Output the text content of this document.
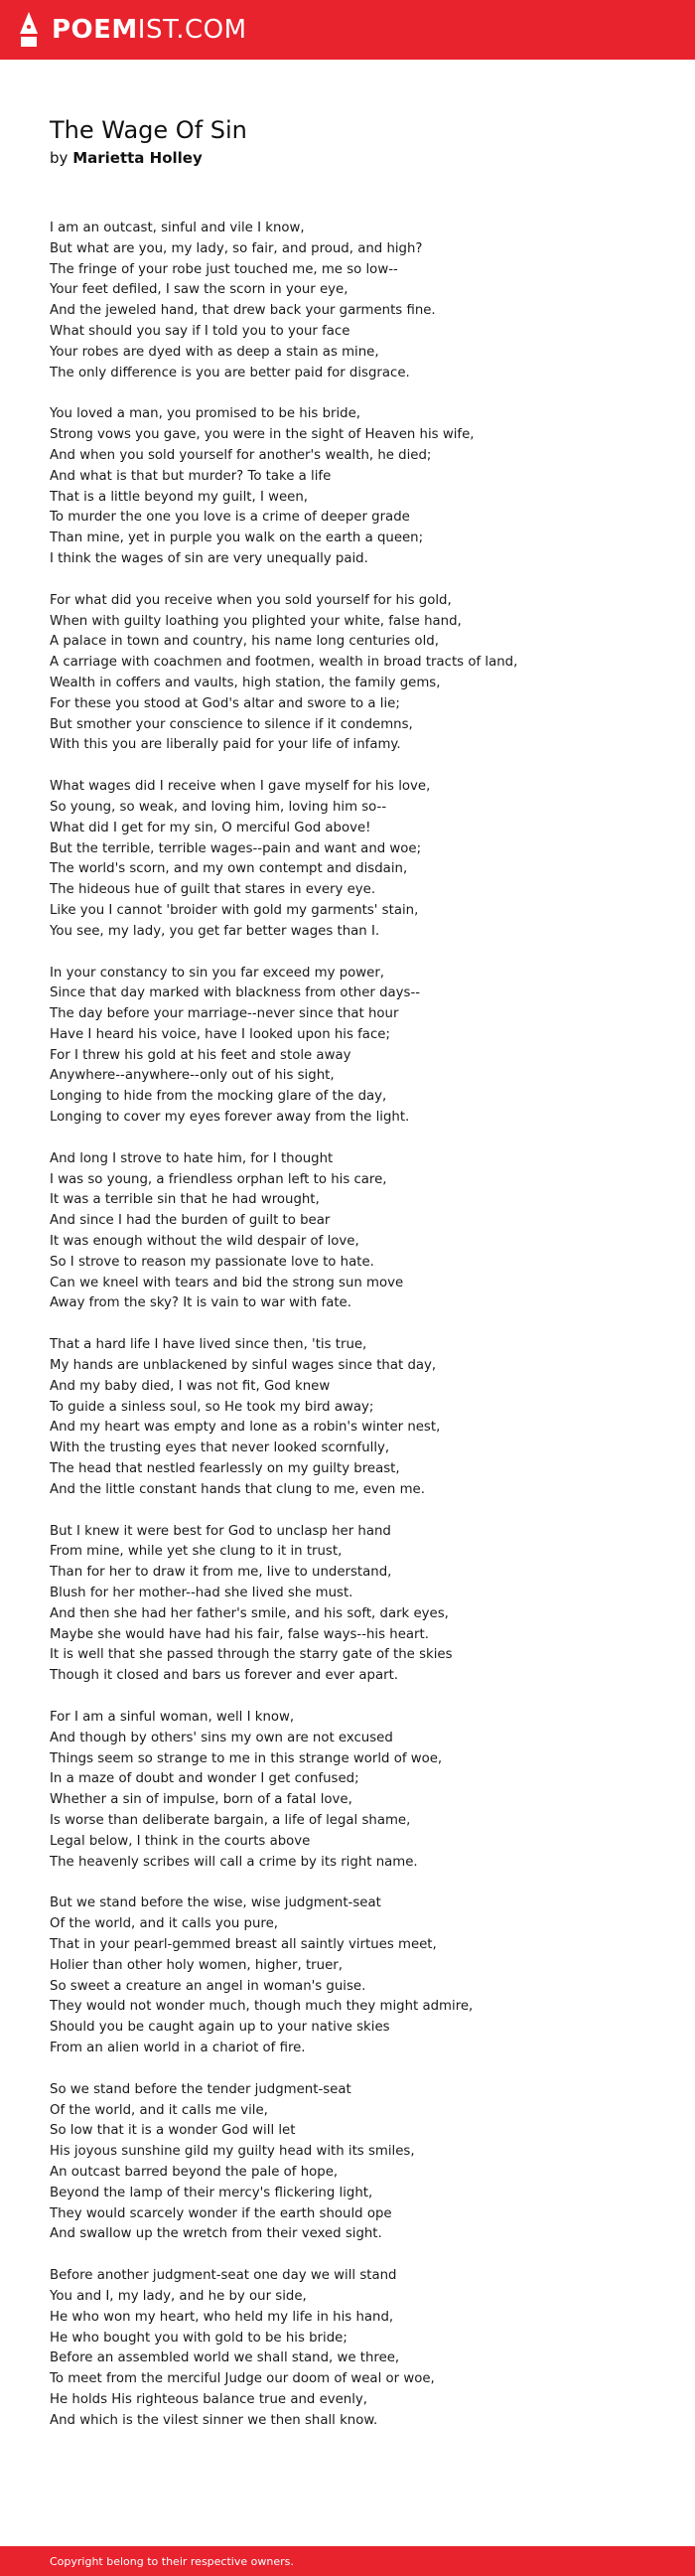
POEMIST.COM
The Wage Of Sin
by Marietta Holley
I am an outcast, sinful and vile I know,
But what are you, my lady, so fair, and proud, and high?
The fringe of your robe just touched me, me so low--
Your feet defiled, I saw the scorn in your eye,
And the jeweled hand, that drew back your garments fine.
What should you say if I told you to your face
Your robes are dyed with as deep a stain as mine,
The only difference is you are better paid for disgrace.
You loved a man, you promised to be his bride,
Strong vows you gave, you were in the sight of Heaven his wife,
And when you sold yourself for another's wealth, he died;
And what is that but murder? To take a life
That is a little beyond my guilt, I ween,
To murder the one you love is a crime of deeper grade
Than mine, yet in purple you walk on the earth a queen;
I think the wages of sin are very unequally paid.
For what did you receive when you sold yourself for his gold,
When with guilty loathing you plighted your white, false hand,
A palace in town and country, his name long centuries old,
A carriage with coachmen and footmen, wealth in broad tracts of land,
Wealth in coffers and vaults, high station, the family gems,
For these you stood at God's altar and swore to a lie;
But smother your conscience to silence if it condemns,
With this you are liberally paid for your life of infamy.
What wages did I receive when I gave myself for his love,
So young, so weak, and loving him, loving him so--
What did I get for my sin, O merciful God above!
But the terrible, terrible wages--pain and want and woe;
The world's scorn, and my own contempt and disdain,
The hideous hue of guilt that stares in every eye.
Like you I cannot 'broider with gold my garments' stain,
You see, my lady, you get far better wages than I.
In your constancy to sin you far exceed my power,
Since that day marked with blackness from other days--
The day before your marriage--never since that hour
Have I heard his voice, have I looked upon his face;
For I threw his gold at his feet and stole away
Anywhere--anywhere--only out of his sight,
Longing to hide from the mocking glare of the day,
Longing to cover my eyes forever away from the light.
And long I strove to hate him, for I thought
I was so young, a friendless orphan left to his care,
It was a terrible sin that he had wrought,
And since I had the burden of guilt to bear
It was enough without the wild despair of love,
So I strove to reason my passionate love to hate.
Can we kneel with tears and bid the strong sun move
Away from the sky? It is vain to war with fate.
That a hard life I have lived since then, 'tis true,
My hands are unblackened by sinful wages since that day,
And my baby died, I was not fit, God knew
To guide a sinless soul, so He took my bird away;
And my heart was empty and lone as a robin's winter nest,
With the trusting eyes that never looked scornfully,
The head that nestled fearlessly on my guilty breast,
And the little constant hands that clung to me, even me.
But I knew it were best for God to unclasp her hand
From mine, while yet she clung to it in trust,
Than for her to draw it from me, live to understand,
Blush for her mother--had she lived she must.
And then she had her father's smile, and his soft, dark eyes,
Maybe she would have had his fair, false ways--his heart.
It is well that she passed through the starry gate of the skies
Though it closed and bars us forever and ever apart.
For I am a sinful woman, well I know,
And though by others' sins my own are not excused
Things seem so strange to me in this strange world of woe,
In a maze of doubt and wonder I get confused;
Whether a sin of impulse, born of a fatal love,
Is worse than deliberate bargain, a life of legal shame,
Legal below, I think in the courts above
The heavenly scribes will call a crime by its right name.
But we stand before the wise, wise judgment-seat
Of the world, and it calls you pure,
That in your pearl-gemmed breast all saintly virtues meet,
Holier than other holy women, higher, truer,
So sweet a creature an angel in woman's guise.
They would not wonder much, though much they might admire,
Should you be caught again up to your native skies
From an alien world in a chariot of fire.
So we stand before the tender judgment-seat
Of the world, and it calls me vile,
So low that it is a wonder God will let
His joyous sunshine gild my guilty head with its smiles,
An outcast barred beyond the pale of hope,
Beyond the lamp of their mercy's flickering light,
They would scarcely wonder if the earth should ope
And swallow up the wretch from their vexed sight.
Before another judgment-seat one day we will stand
You and I, my lady, and he by our side,
He who won my heart, who held my life in his hand,
He who bought you with gold to be his bride;
Before an assembled world we shall stand, we three,
To meet from the merciful Judge our doom of weal or woe,
He holds His righteous balance true and evenly,
And which is the vilest sinner we then shall know.
Copyright belong to their respective owners.
